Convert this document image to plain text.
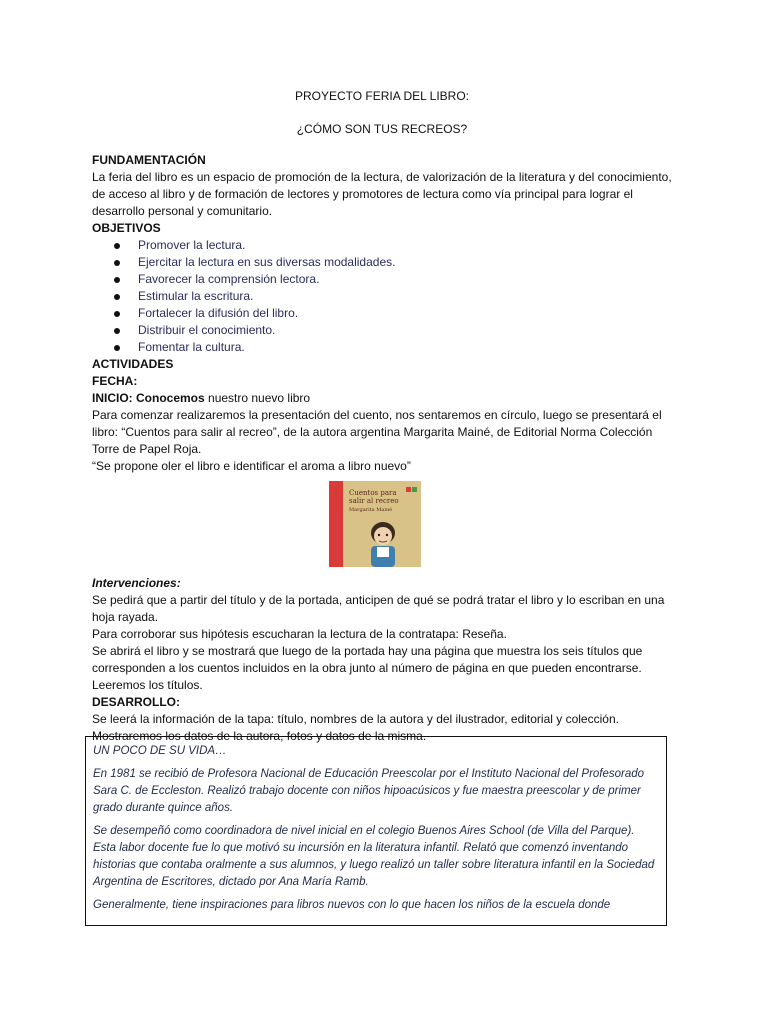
PROYECTO FERIA DEL LIBRO:

¿CÓMO SON TUS RECREOS?

FUNDAMENTACIÓN

La feria del libro es un espacio de promoción de la lectura, de valorización de la literatura y del conocimiento, de acceso al libro y de formación de lectores y promotores de lectura como vía principal para lograr el desarrollo personal y comunitario.

OBJETIVOS

Promover la lectura.
Ejercitar la lectura en sus diversas modalidades.
Favorecer la comprensión lectora.
Estimular la escritura.
Fortalecer la difusión del libro.
Distribuir el conocimiento.
Fomentar la cultura.

ACTIVIDADES

FECHA:

INICIO: Conocemos nuestro nuevo libro

Para comenzar realizaremos la presentación del cuento, nos sentaremos en círculo, luego se presentará el libro: “Cuentos para salir al recreo”, de la autora argentina Margarita Mainé, de Editorial Norma Colección Torre de Papel Roja.

“Se propone oler el libro e identificar el aroma a libro nuevo”

Cuentos para salir al recreo
Margarita Mainé

Intervenciones:

Se pedirá que a partir del título y de la portada, anticipen de qué se podrá tratar el libro y lo escriban en una hoja rayada.

Para corroborar sus hipótesis escucharan la lectura de la contratapa: Reseña.

Se abrirá el libro y se mostrará que luego de la portada hay una página que muestra los seis títulos que corresponden a los cuentos incluidos en la obra junto al número de página en que pueden encontrarse.

Leeremos los títulos.

DESARROLLO:

Se leerá la información de la tapa: título, nombres de la autora y del ilustrador, editorial y colección.

Mostraremos los datos de la autora, fotos y datos de la misma.

UN POCO DE SU VIDA…

En 1981 se recibió de Profesora Nacional de Educación Preescolar por el Instituto Nacional del Profesorado Sara C. de Eccleston. Realizó trabajo docente con niños hipoacúsicos y fue maestra preescolar y de primer grado durante quince años.

Se desempeñó como coordinadora de nivel inicial en el colegio Buenos Aires School (de Villa del Parque). Esta labor docente fue lo que motivó su incursión en la literatura infantil. Relató que comenzó inventando historias que contaba oralmente a sus alumnos, y luego realizó un taller sobre literatura infantil en la Sociedad Argentina de Escritores, dictado por Ana María Ramb.

Generalmente, tiene inspiraciones para libros nuevos con lo que hacen los niños de la escuela donde
